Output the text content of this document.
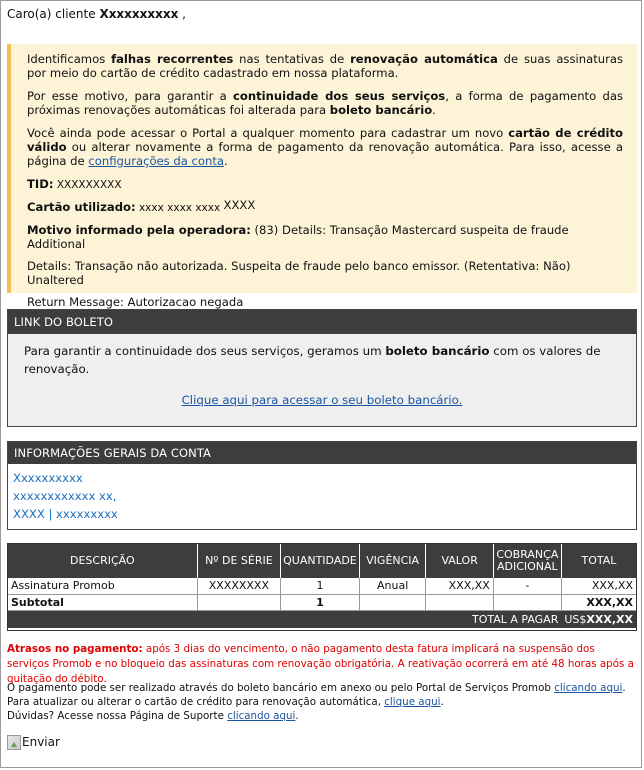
Caro(a) cliente Xxxxxxxxxx ,

Identificamos falhas recorrentes nas tentativas de renovação automática de suas assinaturas por meio do cartão de crédito cadastrado em nossa plataforma.

Por esse motivo, para garantir a continuidade dos seus serviços, a forma de pagamento das próximas renovações automáticas foi alterada para boleto bancário.

Você ainda pode acessar o Portal a qualquer momento para cadastrar um novo cartão de crédito válido ou alterar novamente a forma de pagamento da renovação automática. Para isso, acesse a página de configurações da conta.

TID: XXXXXXXXX
Cartão utilizado: xxxx xxxx xxxx XXXX
Motivo informado pela operadora: (83) Details: Transação Mastercard suspeita de fraude Additional
Details: Transação não autorizada. Suspeita de fraude pelo banco emissor. (Retentativa: Não) Unaltered
Return Message: Autorizacao negada
LINK DO BOLETO
Para garantir a continuidade dos seus serviços, geramos um boleto bancário com os valores de renovação.
Clique aqui para acessar o seu boleto bancário.
INFORMAÇÕES GERAIS DA CONTA
Xxxxxxxxxx
xxxxxxxxxxxx xx,
XXXX | xxxxxxxxx
DESCRIÇÃO	Nº DE SÉRIE	QUANTIDADE	VIGÊNCIA	VALOR	COBRANÇA ADICIONAL	TOTAL
Assinatura Promob	XXXXXXXX	1	Anual	XXX,XX	-	XXX,XX
Subtotal		1				XXX,XX
TOTAL A PAGAR						US$XXX,XX
Atrasos no pagamento: após 3 dias do vencimento, o não pagamento desta fatura implicará na suspensão dos serviços Promob e no bloqueio das assinaturas com renovação obrigatória. A reativação ocorrerá em até 48 horas após a quitação do débito.
O pagamento pode ser realizado através do boleto bancário em anexo ou pelo Portal de Serviços Promob clicando aqui.
Para atualizar ou alterar o cartão de crédito para renovação automática, clique aqui.
Dúvidas? Acesse nossa Página de Suporte clicando aqui.
Enviar
